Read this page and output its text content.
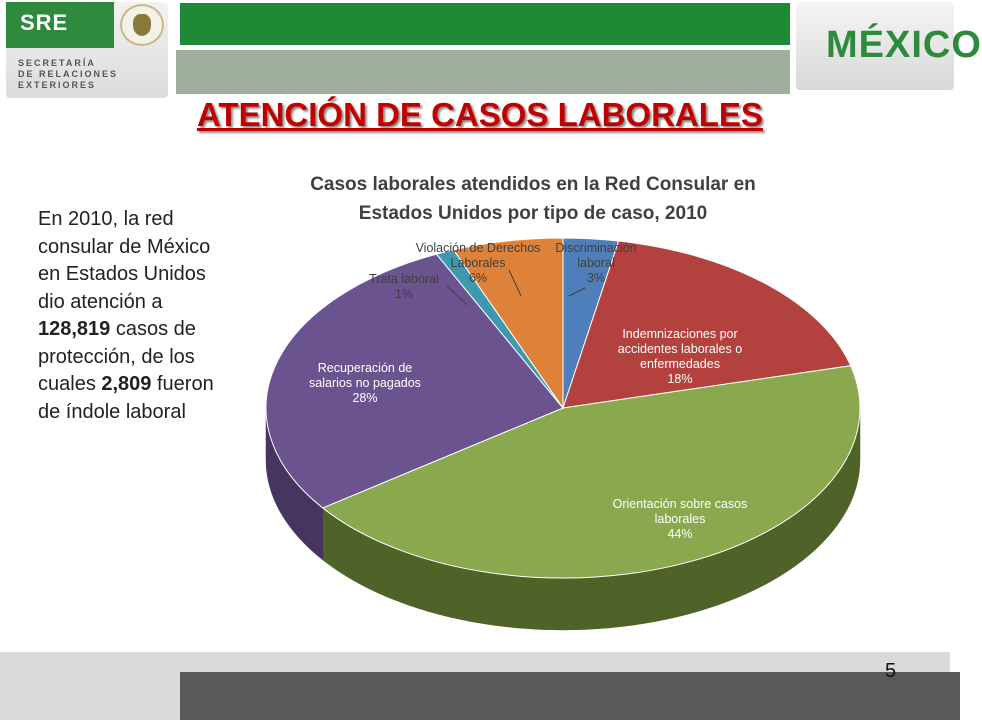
SRE
SECRETARÍA
DE RELACIONES
EXTERIORES
MÉXICO
ATENCIÓN DE CASOS LABORALES
En 2010, la red consular de México en Estados Unidos dio atención a 128,819 casos de protección, de los cuales 2,809 fueron de índole laboral
Casos laborales atendidos en la Red Consular en
Estados Unidos por tipo de caso, 2010
Discriminación
laboral
3%
Indemnizaciones por
accidentes laborales o
enfermedades
18%
Orientación sobre casos
laborales
44%
Recuperación de
salarios no pagados
28%
Trata laboral
1%
Violación de Derechos
Laborales
6%
5
